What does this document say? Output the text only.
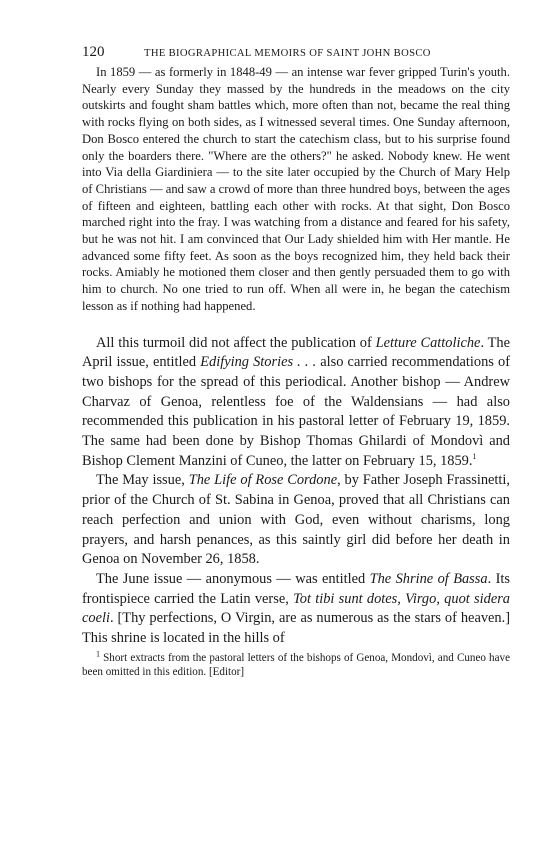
120	THE BIOGRAPHICAL MEMOIRS OF SAINT JOHN BOSCO

In 1859 — as formerly in 1848-49 — an intense war fever gripped Turin's youth. Nearly every Sunday they massed by the hundreds in the meadows on the city outskirts and fought sham battles which, more often than not, became the real thing with rocks flying on both sides, as I witnessed several times. One Sunday afternoon, Don Bosco entered the church to start the catechism class, but to his surprise found only the boarders there. "Where are the others?" he asked. Nobody knew. He went into Via della Giardiniera — to the site later occupied by the Church of Mary Help of Christians — and saw a crowd of more than three hundred boys, between the ages of fifteen and eighteen, battling each other with rocks. At that sight, Don Bosco marched right into the fray. I was watching from a distance and feared for his safety, but he was not hit. I am convinced that Our Lady shielded him with Her mantle. He advanced some fifty feet. As soon as the boys recognized him, they held back their rocks. Amiably he motioned them closer and then gently persuaded them to go with him to church. No one tried to run off. When all were in, he began the catechism lesson as if nothing had happened.

All this turmoil did not affect the publication of Letture Cattoliche. The April issue, entitled Edifying Stories . . . also carried recommendations of two bishops for the spread of this periodical. Another bishop — Andrew Charvaz of Genoa, relentless foe of the Waldensians — had also recommended this publication in his pastoral letter of February 19, 1859. The same had been done by Bishop Thomas Ghilardi of Mondovì and Bishop Clement Manzini of Cuneo, the latter on February 15, 1859.$^1$

The May issue, The Life of Rose Cordone, by Father Joseph Frassinetti, prior of the Church of St. Sabina in Genoa, proved that all Christians can reach perfection and union with God, even without charisms, long prayers, and harsh penances, as this saintly girl did before her death in Genoa on November 26, 1858.

The June issue — anonymous — was entitled The Shrine of Bassa. Its frontispiece carried the Latin verse, Tot tibi sunt dotes, Virgo, quot sidera coeli. [Thy perfections, O Virgin, are as numerous as the stars of heaven.] This shrine is located in the hills of

$^1$ Short extracts from the pastoral letters of the bishops of Genoa, Mondovì, and Cuneo have been omitted in this edition. [Editor]
